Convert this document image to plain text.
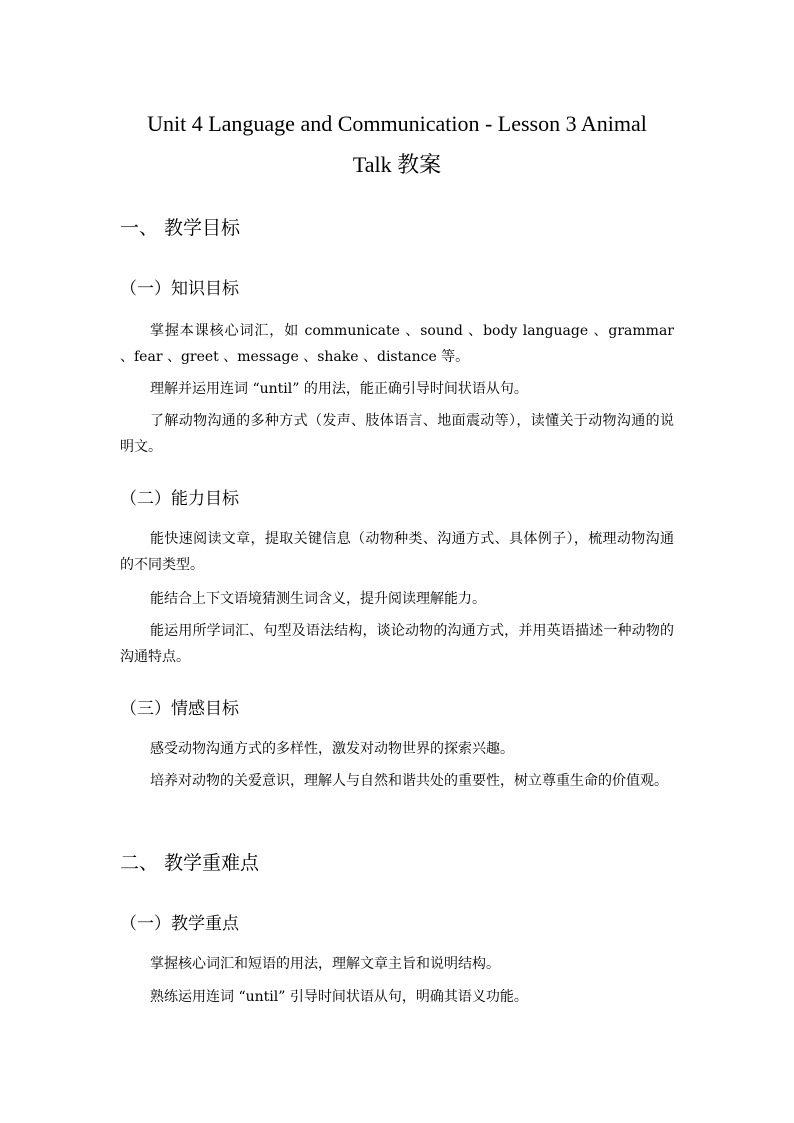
Unit 4 Language and Communication - Lesson 3 Animal
Talk 教案
一、 教学目标
（一）知识目标
掌握本课核心词汇，如 communicate 、sound 、body language 、grammar 、fear 、greet 、message 、shake 、distance 等。
理解并运用连词 “until” 的用法，能正确引导时间状语从句。
了解动物沟通的多种方式（发声、肢体语言、地面震动等），读懂关于动物沟通的说明文。
（二）能力目标
能快速阅读文章，提取关键信息（动物种类、沟通方式、具体例子），梳理动物沟通的不同类型。
能结合上下文语境猜测生词含义，提升阅读理解能力。
能运用所学词汇、句型及语法结构，谈论动物的沟通方式，并用英语描述一种动物的沟通特点。
（三）情感目标
感受动物沟通方式的多样性，激发对动物世界的探索兴趣。
培养对动物的关爱意识，理解人与自然和谐共处的重要性，树立尊重生命的价值观。
二、 教学重难点
（一）教学重点
掌握核心词汇和短语的用法，理解文章主旨和说明结构。
熟练运用连词 “until” 引导时间状语从句，明确其语义功能。
